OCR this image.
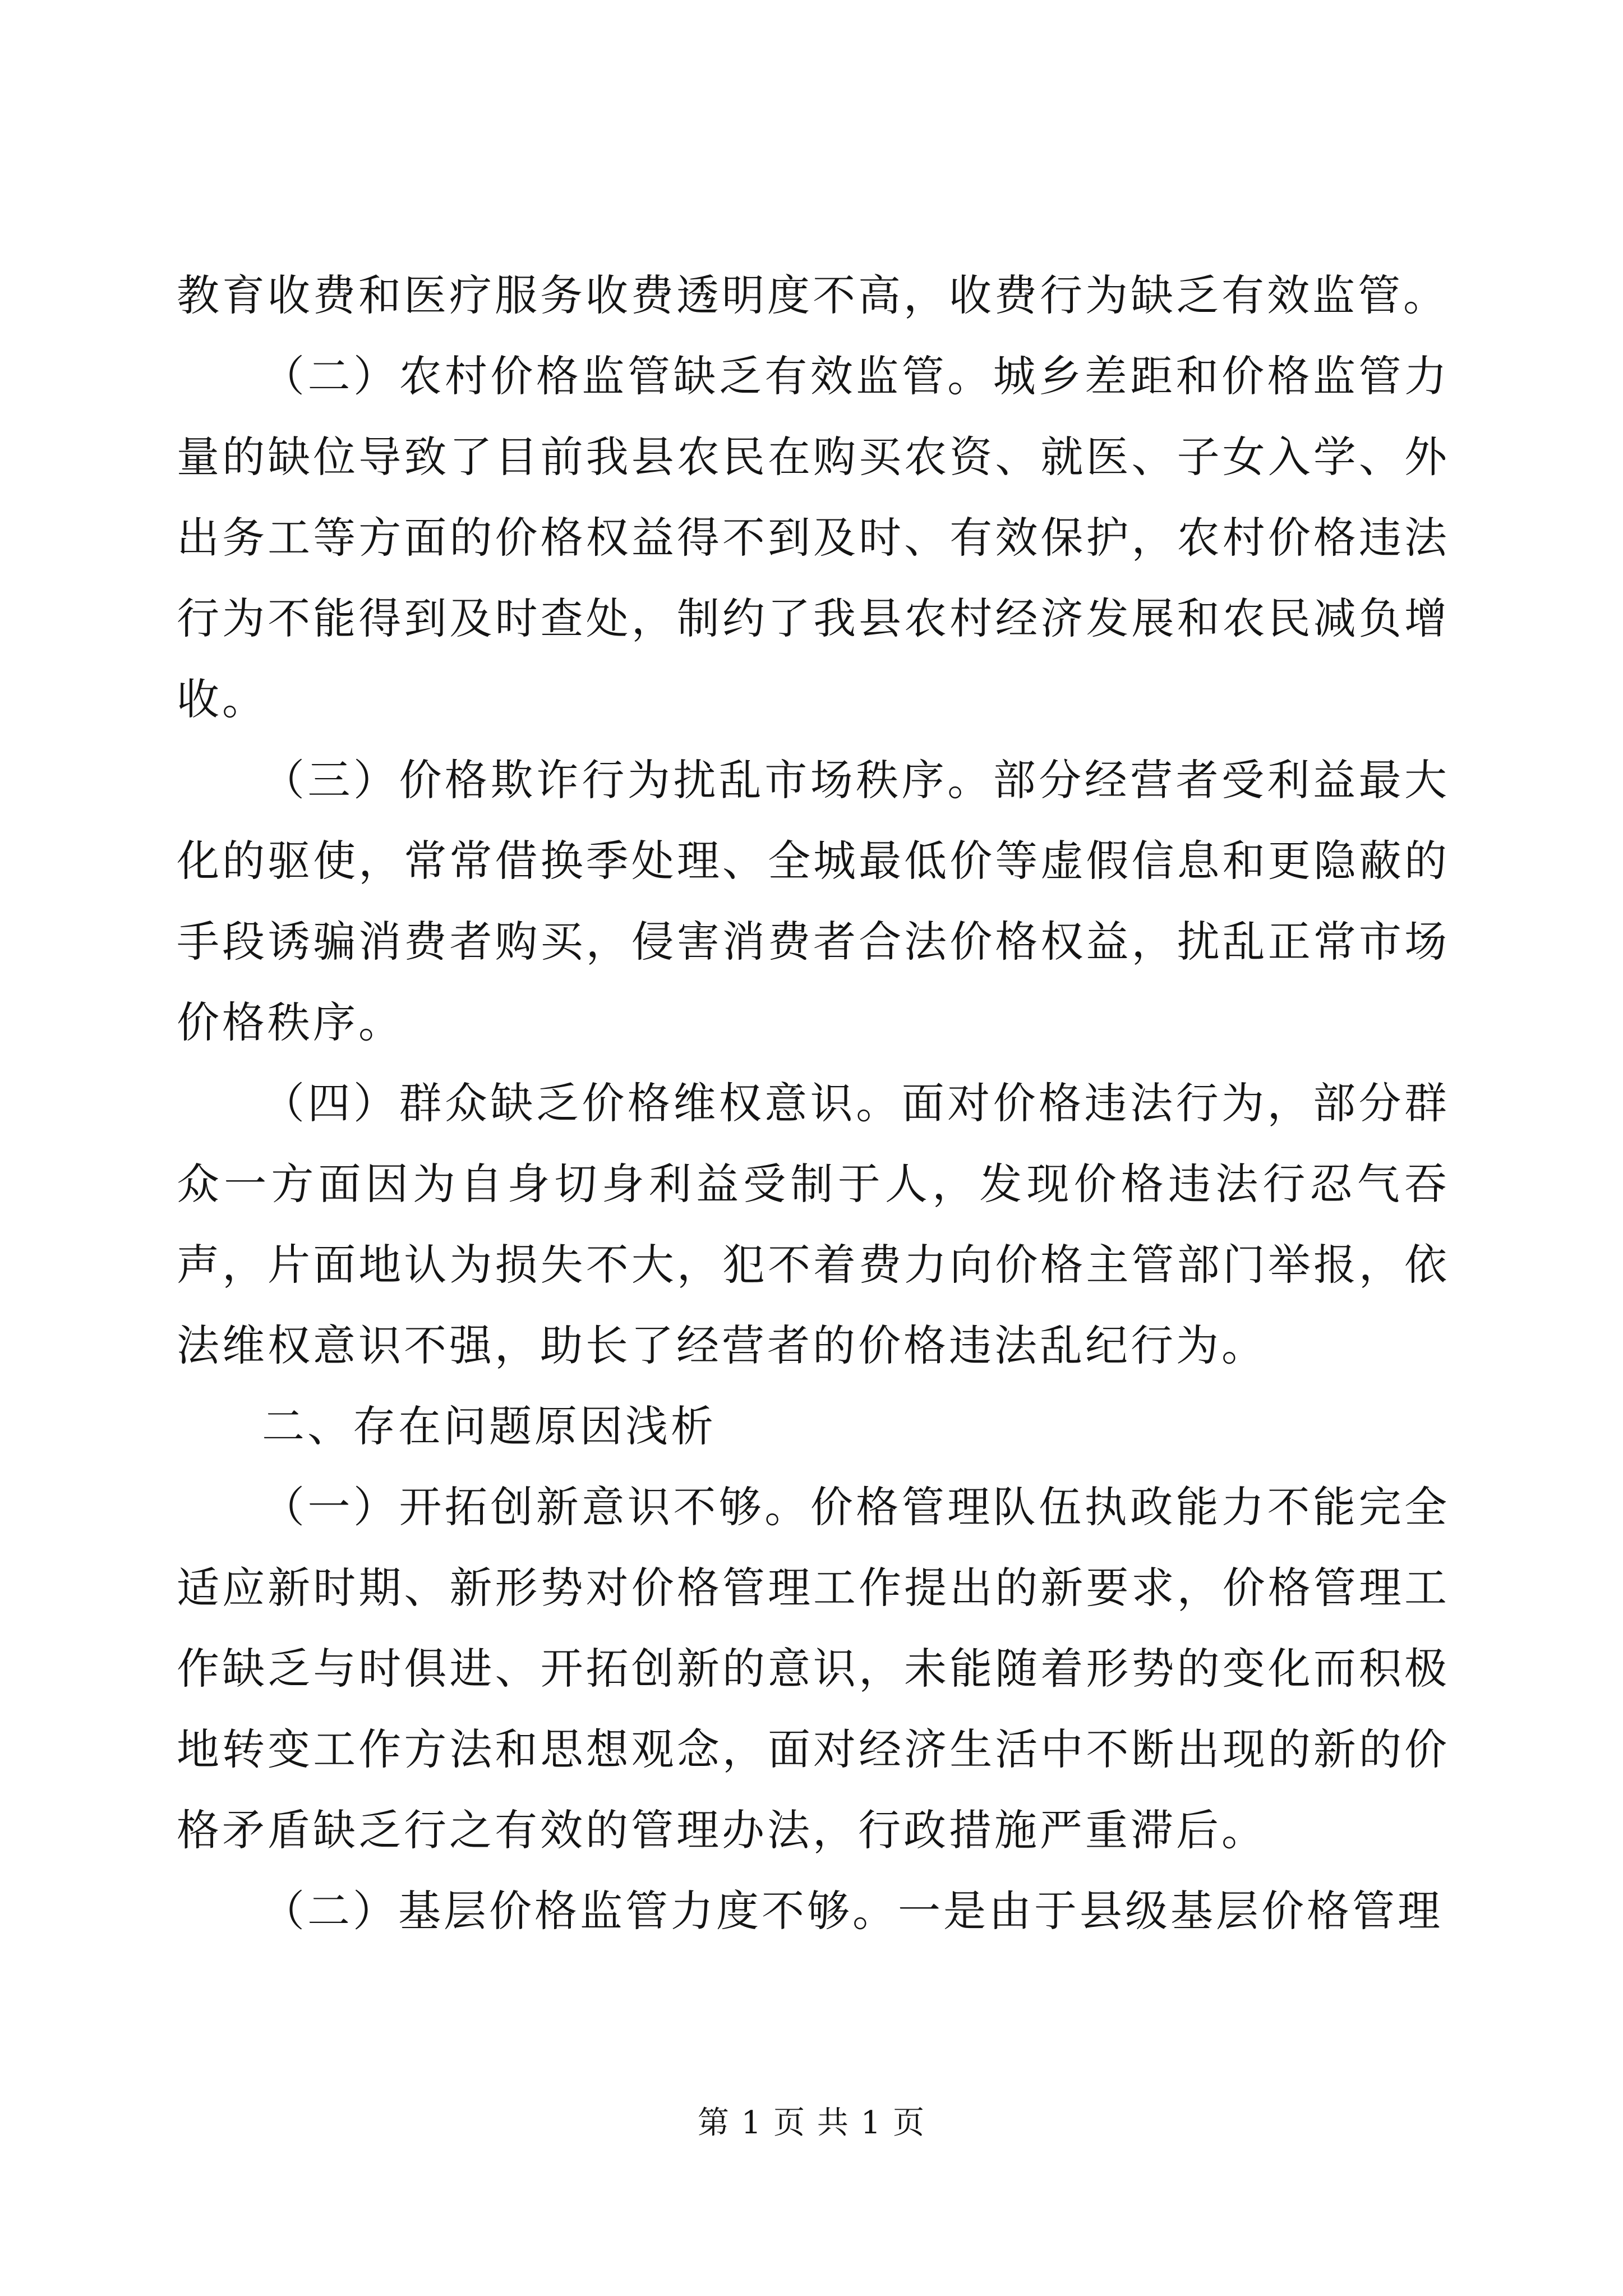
教育收费和医疗服务收费透明度不高，收费行为缺乏有效监管。

（二）农村价格监管缺乏有效监管。城乡差距和价格监管力量的缺位导致了目前我县农民在购买农资、就医、子女入学、外出务工等方面的价格权益得不到及时、有效保护，农村价格违法行为不能得到及时查处，制约了我县农村经济发展和农民减负增收。

（三）价格欺诈行为扰乱市场秩序。部分经营者受利益最大化的驱使，常常借换季处理、全城最低价等虚假信息和更隐蔽的手段诱骗消费者购买，侵害消费者合法价格权益，扰乱正常市场价格秩序。

（四）群众缺乏价格维权意识。面对价格违法行为，部分群众一方面因为自身切身利益受制于人，发现价格违法行忍气吞声，片面地认为损失不大，犯不着费力向价格主管部门举报，依法维权意识不强，助长了经营者的价格违法乱纪行为。

二、存在问题原因浅析

（一）开拓创新意识不够。价格管理队伍执政能力不能完全适应新时期、新形势对价格管理工作提出的新要求，价格管理工作缺乏与时俱进、开拓创新的意识，未能随着形势的变化而积极地转变工作方法和思想观念，面对经济生活中不断出现的新的价格矛盾缺乏行之有效的管理办法，行政措施严重滞后。

（二）基层价格监管力度不够。一是由于县级基层价格管理

第 1 页 共 1 页
